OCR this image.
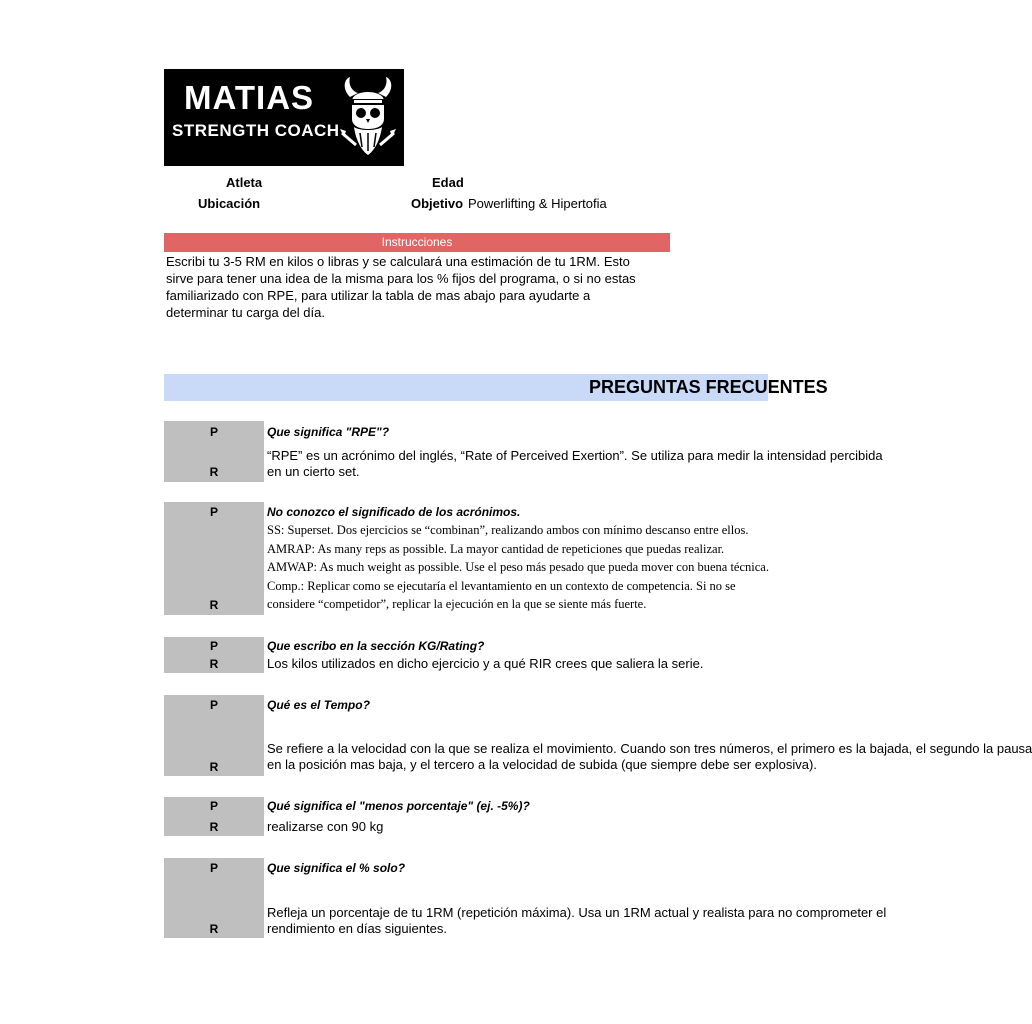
MATIAS
STRENGTH COACH
Atleta	Edad
Ubicación	Objetivo Powerlifting & Hipertofia
Instrucciones
Escribi tu 3-5 RM en kilos o libras y se calculará una estimación de tu 1RM. Esto
sirve para tener una idea de la misma para los % fijos del programa, o si no estas
familiarizado con RPE, para utilizar la tabla de mas abajo para ayudarte a
determinar tu carga del día.
PREGUNTAS FRECUENTES
P
R
Que significa "RPE"?
“RPE” es un acrónimo del inglés, “Rate of Perceived Exertion”. Se utiliza para medir la intensidad percibida
en un cierto set.
P
R
No conozco el significado de los acrónimos.
SS: Superset. Dos ejercicios se “combinan”, realizando ambos con mínimo descanso entre ellos.
AMRAP: As many reps as possible. La mayor cantidad de repeticiones que puedas realizar.
AMWAP: As much weight as possible. Use el peso más pesado que pueda mover con buena técnica.
Comp.: Replicar como se ejecutaría el levantamiento en un contexto de competencia. Si no se
considere “competidor”, replicar la ejecución en la que se siente más fuerte.
P
R
Que escribo en la sección KG/Rating?
Los kilos utilizados en dicho ejercicio y a qué RIR crees que saliera la serie.
P
R
Qué es el Tempo?
Se refiere a la velocidad con la que se realiza el movimiento. Cuando son tres números, el primero es la bajada, el segundo la pausa
en la posición mas baja, y el tercero a la velocidad de subida (que siempre debe ser explosiva).
P
R
Qué significa el "menos porcentaje" (ej. -5%)?
realizarse con 90 kg
P
R
Que significa el % solo?
Refleja un porcentaje de tu 1RM (repetición máxima). Usa un 1RM actual y realista para no comprometer el
rendimiento en días siguientes.
